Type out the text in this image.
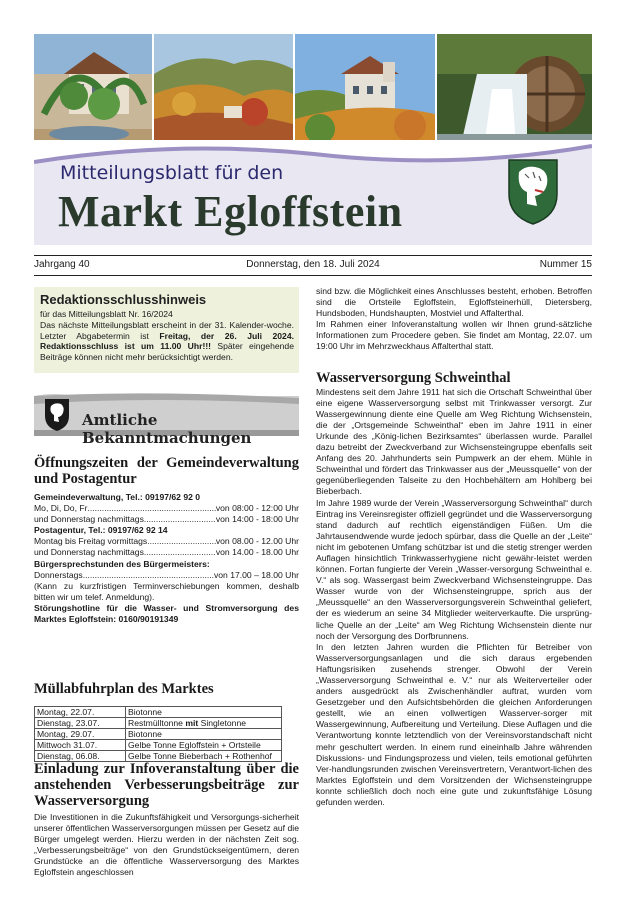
Mitteilungsblatt für den
Markt Egloffstein
Jahrgang 40	Donnerstag, den 18. Juli 2024	Nummer 15
Redaktionsschlusshinweis
für das Mitteilungsblatt Nr. 16/2024
Das nächste Mitteilungsblatt erscheint in der 31. Kalender-woche. Letzter Abgabetermin ist Freitag, der 26. Juli 2024. Redaktionsschluss ist um 11.00 Uhr!!! Später eingehende Beiträge können nicht mehr berücksichtigt werden.
Amtliche Bekanntmachungen
Öffnungszeiten der Gemeindeverwaltung und Postagentur
Gemeindeverwaltung, Tel.: 09197/62 92 0
Mo, Di, Do, Fr .....	von 08:00 - 12:00 Uhr
und Donnerstag nachmittags .....	von 14:00 - 18:00 Uhr
Postagentur, Tel.: 09197/62 92 14
Montag bis Freitag vormittags .....	von 08.00 - 12.00 Uhr
und Donnerstag nachmittags .....	von 14.00 - 18.00 Uhr
Bürgersprechstunden des Bürgermeisters:
Donnerstags .....	von 17.00 – 18.00 Uhr

(Kann zu kurzfristigen Terminverschiebungen kommen, deshalb bitten wir um telef. Anmeldung).

Störungshotline für die Wasser- und Stromversorgung des Marktes Egloffstein: 0160/90191349

Müllabfuhrplan des Marktes
Montag, 22.07.	Biotonne
Dienstag, 23.07.	Restmülltonne mit Singletonne
Montag, 29.07.	Biotonne
Mittwoch 31.07.	Gelbe Tonne Egloffstein + Ortsteile
Dienstag, 06.08.	Gelbe Tonne Bieberbach + Rothenhof
Einladung zur Infoveranstaltung über die anstehenden Verbesserungsbeiträge zur Wasserversorgung

Die Investitionen in die Zukunftsfähigkeit und Versorgungs-sicherheit unserer öffentlichen Wasserversorgungen müssen per Gesetz auf die Bürger umgelegt werden. Hierzu werden in der nächsten Zeit sog. „Verbesserungsbeiträge“ von den Grundstückseigentümern, deren Grundstücke an die öffentliche Wasserversorgung des Marktes Egloffstein angeschlossen

sind bzw. die Möglichkeit eines Anschlusses besteht, erhoben. Betroffen sind die Ortsteile Egloffstein, Egloffsteinerhüll, Dietersberg, Hundsboden, Hundshaupten, Mostviel und Affalterthal.

Im Rahmen einer Infoveranstaltung wollen wir Ihnen grund-sätzliche Informationen zum Procedere geben. Sie findet am Montag, 22.07. um 19:00 Uhr im Mehrzweckhaus Affalterthal statt.

Wasserversorgung Schweinthal

Mindestens seit dem Jahre 1911 hat sich die Ortschaft Schweinthal über eine eigene Wasserversorgung selbst mit Trinkwasser versorgt. Zur Wassergewinnung diente eine Quelle am Weg Richtung Wichsenstein, die der „Ortsgemeinde Schweinthal“ eben im Jahre 1911 in einer Urkunde des „König-lichen Bezirksamtes“ überlassen wurde. Parallel dazu betreibt der Zweckverband zur Wichsensteingruppe ebenfalls seit Anfang des 20. Jahrhunderts sein Pumpwerk an der ehem. Mühle in Schweinthal und fördert das Trinkwasser aus der „Meussquelle“ von der gegenüberliegenden Talseite zu den Hochbehältern am Hohlberg bei Bieberbach.

Im Jahre 1989 wurde der Verein „Wasserversorgung Schweinthal“ durch Eintrag ins Vereinsregister offiziell gegründet und die Wasserversorgung stand dadurch auf rechtlich eigenständigen Füßen. Um die Jahrtausendwende wurde jedoch spürbar, dass die Quelle an der „Leite“ nicht im gebotenen Umfang schützbar ist und die stetig strenger werden Auflagen hinsichtlich Trinkwasserhygiene nicht gewähr-leistet werden können. Fortan fungierte der Verein „Wasser-versorgung Schweinthal e. V.“ als sog. Wassergast beim Zweckverband Wichsensteingruppe. Das Wasser wurde von der Wichsensteingruppe, sprich aus der „Meussquelle“ an den Wasserversorgungsverein Schweinthal geliefert, der es wiederum an seine 34 Mitglieder weiterverkaufte. Die ursprüng-liche Quelle an der „Leite“ am Weg Richtung Wichsenstein diente nur noch der Versorgung des Dorfbrunnens.

In den letzten Jahren wurden die Pflichten für Betreiber von Wasserversorgungsanlagen und die sich daraus ergebenden Haftungsrisiken zusehends strenger. Obwohl der Verein „Wasserversorgung Schweinthal e. V.“ nur als Weiterverteiler oder anders ausgedrückt als Zwischenhändler auftrat, wurden vom Gesetzgeber und den Aufsichtsbehörden die gleichen Anforderungen gestellt, wie an einen vollwertigen Wasserver-sorger mit Wassergewinnung, Aufbereitung und Verteilung. Diese Auflagen und die Verantwortung konnte letztendlich von der Vereinsvorstandschaft nicht mehr geschultert werden. In einem rund eineinhalb Jahre währenden Diskussions- und Findungsprozess und vielen, teils emotional geführten Ver-handlungsrunden zwischen Vereinsvertretern, Verantwort-lichen des Marktes Egloffstein und dem Vorsitzenden der Wichsensteingruppe konnte schließlich doch noch eine gute und zukunftsfähige Lösung gefunden werden.
